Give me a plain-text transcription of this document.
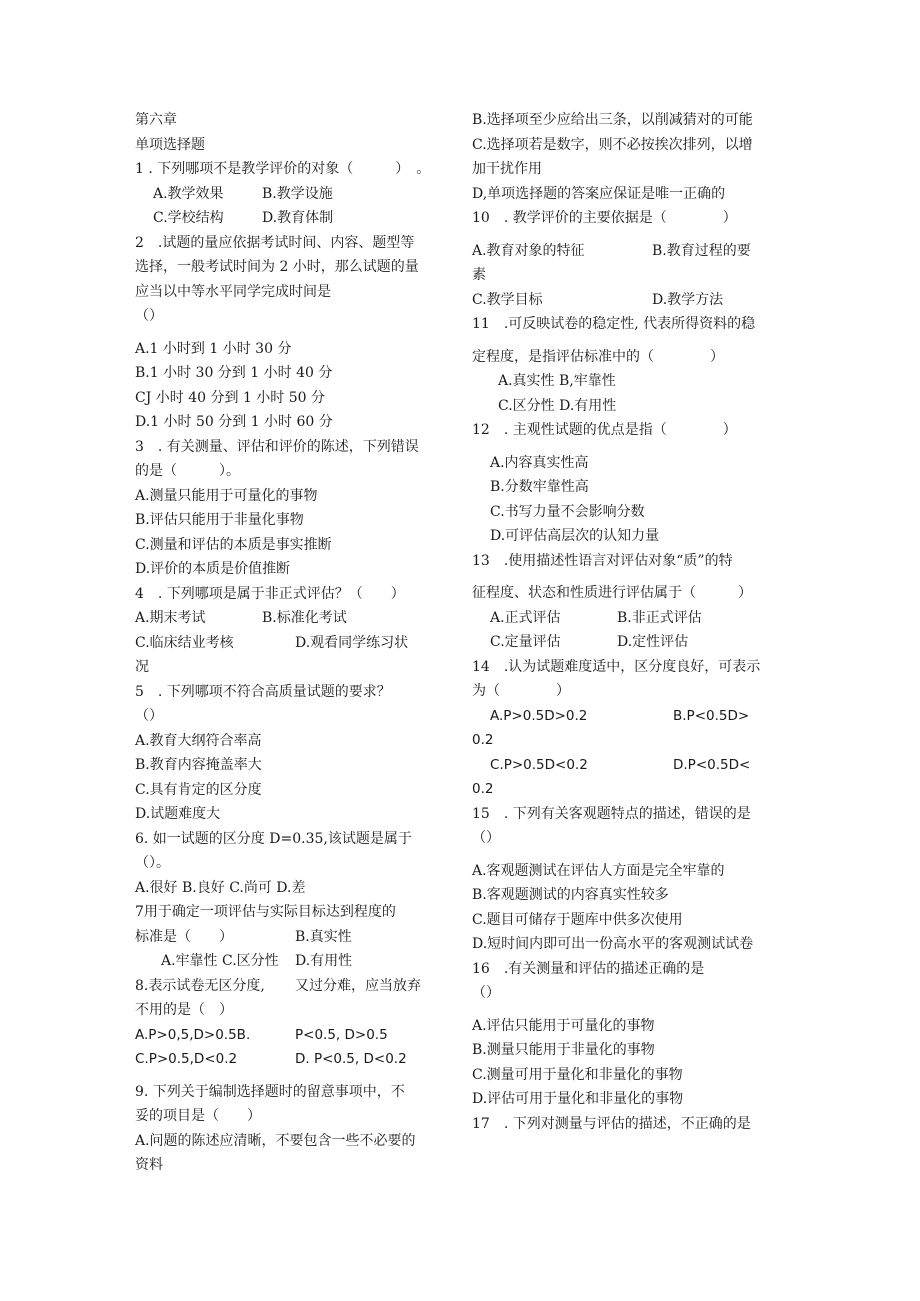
第六章
单项选择题
1 . 下列哪项不是教学评价的对象（　　　）　。
A.教学效果	B.教学设施
C.学校结构	D.教育体制
2　.试题的量应依据考试时间、内容、题型等
选择，一般考试时间为 2 小时，那么试题的量
应当以中等水平同学完成时间是
（）
A.1 小时到 1 小时 30 分
B.1 小时 30 分到 1 小时 40 分
CJ 小时 40 分到 1 小时 50 分
D.1 小时 50 分到 1 小时 60 分
3　. 有关测量、评估和评价的陈述，下列错误
的是（　　　）。
A.测量只能用于可量化的事物
B.评估只能用于非量化事物
C.测量和评估的本质是事实推断
D.评价的本质是价值推断
4　. 下列哪项是属于非正式评估？（　　）
A.期末考试	B.标准化考试
C.临床结业考核	D.观看同学练习状
况
5　. 下列哪项不符合高质量试题的要求？
（）
A.教育大纲符合率高
B.教育内容掩盖率大
C.具有肯定的区分度
D.试题难度大
6. 如一试题的区分度 D=0.35,该试题是属于
（）。
A.很好 B.良好 C.尚可 D.差
7用于确定一项评估与实际目标达到程度的
标准是（　　）	B.真实性
A.牢靠性 C.区分性	D.有用性
8.表示试卷无区分度,	又过分难，应当放弃
不用的是（　）
A.P>0,5,D>0.5B.	P<0.5, D>0.5
C.P>0.5,D<0.2	D. P<0.5, D<0.2
9. 下列关于编制选择题时的留意事项中，不
妥的项目是（　　）
A.问题的陈述应清晰，不要包含一些不必要的
资料
B.选择项至少应给出三条，以削减猜对的可能
C.选择项若是数字，则不必按挨次排列，以增
加干扰作用
D,单项选择题的答案应保证是唯一正确的
10　. 教学评价的主要依据是（　　　　）
A.教育对象的特征	B.教育过程的要
素
C.教学目标	D.教学方法
11　.可反映试卷的稳定性, 代表所得资料的稳
定程度，是指评估标准中的（　　　　）
A.真实性 B,牢靠性
C.区分性 D.有用性
12　. 主观性试题的优点是指（　　　　）
A.内容真实性高
B.分数牢靠性高
C.书写力量不会影响分数
D.可评估高层次的认知力量
13　.使用描述性语言对评估对象“质”的特
征程度、状态和性质进行评估属于（　　　）
A.正式评估	B.非正式评估
C.定量评估	D.定性评估
14　.认为试题难度适中，区分度良好，可表示
为（　　　　）
A.P>0.5D>0.2	B.P<0.5D>
0.2
C.P>0.5D<0.2	D.P<0.5D<
0.2
15　. 下列有关客观题特点的描述，错误的是
（）
A.客观题测试在评估人方面是完全牢靠的
B.客观题测试的内容真实性较多
C.题目可储存于题库中供多次使用
D.短时间内即可出一份高水平的客观测试试卷
16　.有关测量和评估的描述正确的是
（）
A.评估只能用于可量化的事物
B.测量只能用于非量化的事物
C.测量可用于量化和非量化的事物
D.评估可用于量化和非量化的事物
17　. 下列对测量与评估的描述，不正确的是
